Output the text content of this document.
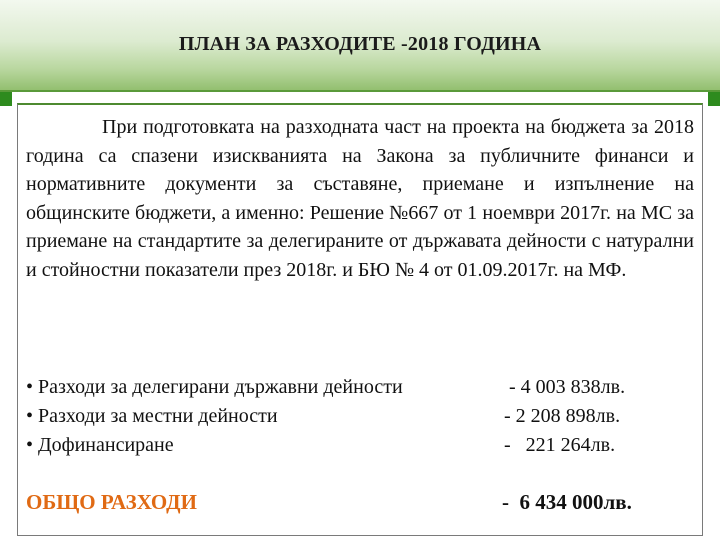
ПЛАН ЗА РАЗХОДИТЕ -2018 ГОДИНА
При подготовката на разходната част на проекта на бюджета за 2018 година са спазени изискванията на Закона за публичните финанси и нормативните документи за съставяне, приемане и изпълнение на общинските бюджети, а именно: Решение №667 от 1 ноември 2017г. на МС за приемане на стандартите за делегираните от държавата дейности с натурални и стойностни показатели през 2018г. и БЮ № 4 от 01.09.2017г. на МФ.
• Разходи за делегирани държавни дейности	- 4 003 838лв.
• Разходи за местни дейности	- 2 208 898лв.
• Дофинансиране	-   221 264лв.
ОБЩО РАЗХОДИ	-  6 434 000лв.
